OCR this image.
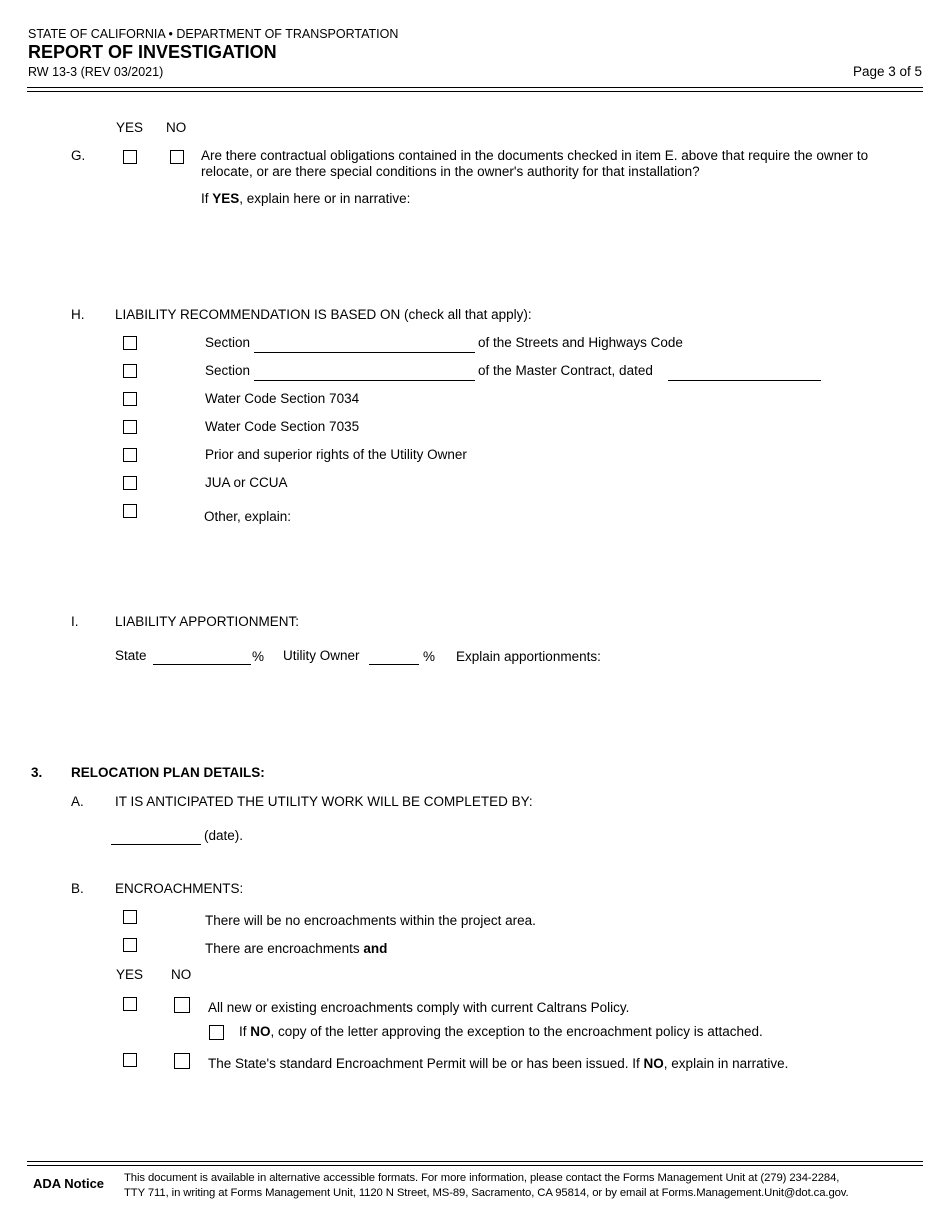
STATE OF CALIFORNIA • DEPARTMENT OF TRANSPORTATION
REPORT OF INVESTIGATION
RW 13-3 (REV 03/2021)	Page 3 of 5
YES NO
G.	Are there contractual obligations contained in the documents checked in item E. above that require the owner to
relocate, or are there special conditions in the owner's authority for that installation?
If YES, explain here or in narrative:
H. LIABILITY RECOMMENDATION IS BASED ON (check all that apply):
Section	of the Streets and Highways Code
Section	of the Master Contract, dated
Water Code Section 7034
Water Code Section 7035
Prior and superior rights of the Utility Owner
JUA or CCUA
Other, explain:
I.	LIABILITY APPORTIONMENT:
State	% Utility Owner	% Explain apportionments:
3. RELOCATION PLAN DETAILS:
A. IT IS ANTICIPATED THE UTILITY WORK WILL BE COMPLETED BY:
(date).
B. ENCROACHMENTS:
There will be no encroachments within the project area.
There are encroachments and
YES NO
All new or existing encroachments comply with current Caltrans Policy.
If NO, copy of the letter approving the exception to the encroachment policy is attached.
The State's standard Encroachment Permit will be or has been issued. If NO, explain in narrative.
ADA Notice This document is available in alternative accessible formats. For more information, please contact the Forms Management Unit at (279) 234-2284,
TTY 711, in writing at Forms Management Unit, 1120 N Street, MS-89, Sacramento, CA 95814, or by email at Forms.Management.Unit@dot.ca.gov.
